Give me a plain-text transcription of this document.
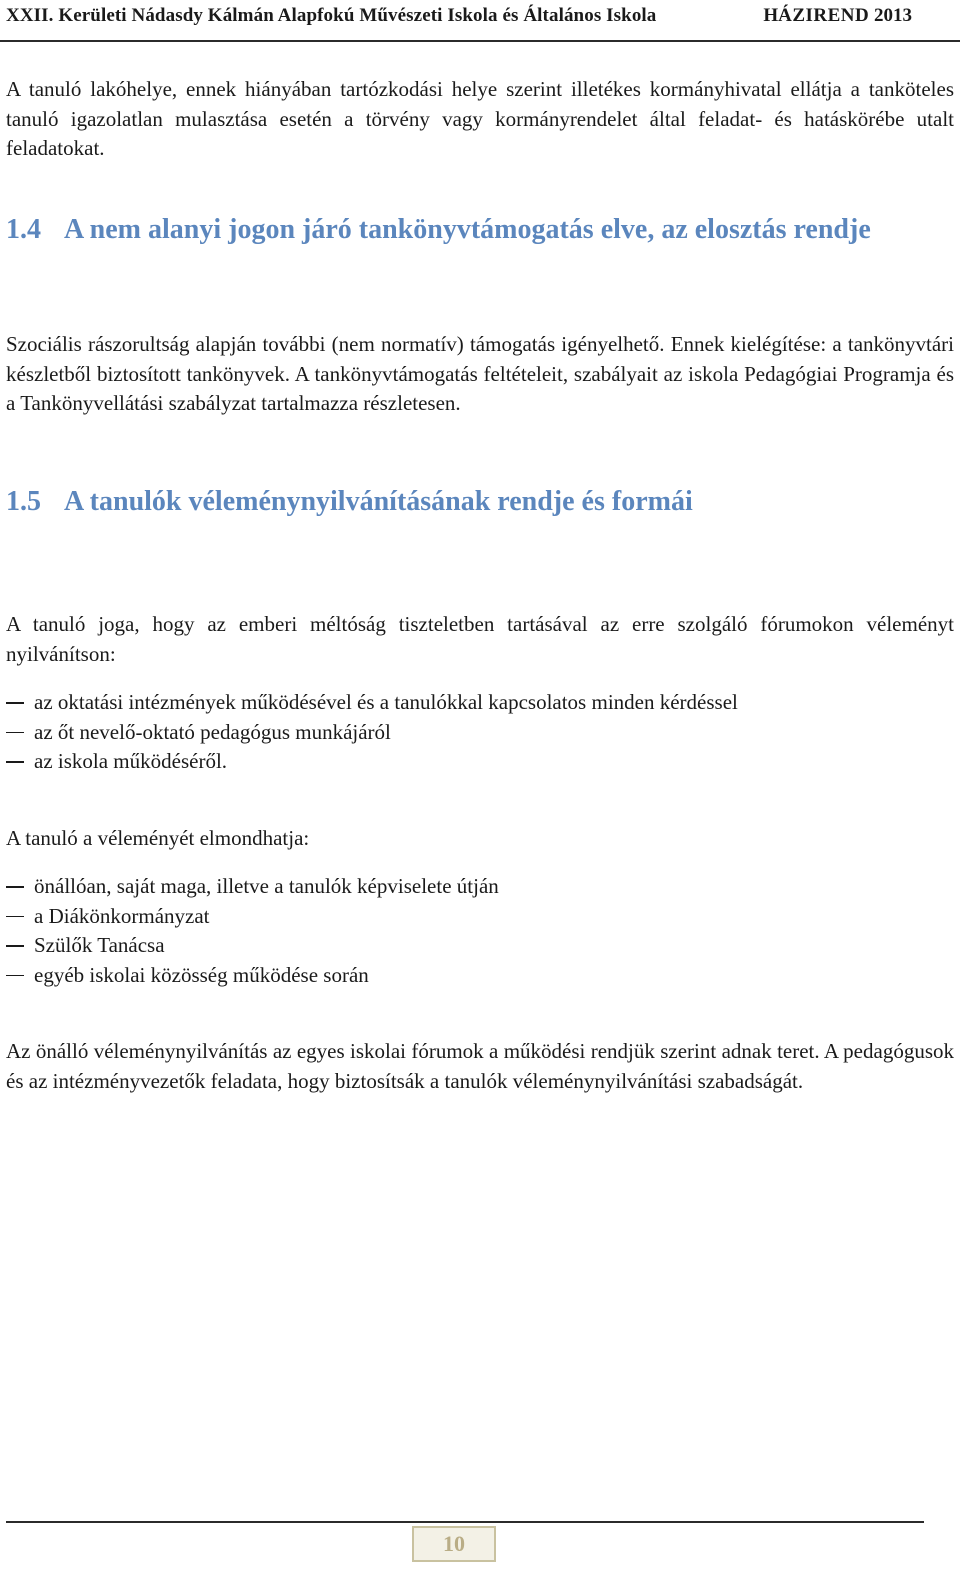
XXII. Kerületi Nádasdy Kálmán Alapfokú Művészeti Iskola és Általános Iskola	HÁZIREND 2013

A tanuló lakóhelye, ennek hiányában tartózkodási helye szerint illetékes kormányhivatal ellátja a tanköteles tanuló igazolatlan mulasztása esetén a törvény vagy kormányrendelet által feladat- és hatáskörébe utalt feladatokat.

1.4 A nem alanyi jogon járó tankönyvtámogatás elve, az elosztás rendje

Szociális rászorultság alapján további (nem normatív) támogatás igényelhető. Ennek kielégítése: a tankönyvtári készletből biztosított tankönyvek. A tankönyvtámogatás feltételeit, szabályait az iskola Pedagógiai Programja és a Tankönyvellátási szabályzat tartalmazza részletesen.

1.5 A tanulók véleménynyilvánításának rendje és formái

A tanuló joga, hogy az emberi méltóság tiszteletben tartásával az erre szolgáló fórumokon véleményt nyilvánítson:

az oktatási intézmények működésével és a tanulókkal kapcsolatos minden kérdéssel
az őt nevelő-oktató pedagógus munkájáról
az iskola működéséről.

A tanuló a véleményét elmondhatja:

önállóan, saját maga, illetve a tanulók képviselete útján
a Diákönkormányzat
Szülők Tanácsa
egyéb iskolai közösség működése során

Az önálló véleménynyilvánítás az egyes iskolai fórumok a működési rendjük szerint adnak teret. A pedagógusok és az intézményvezetők feladata, hogy biztosítsák a tanulók véleménynyilvánítási szabadságát.

10
